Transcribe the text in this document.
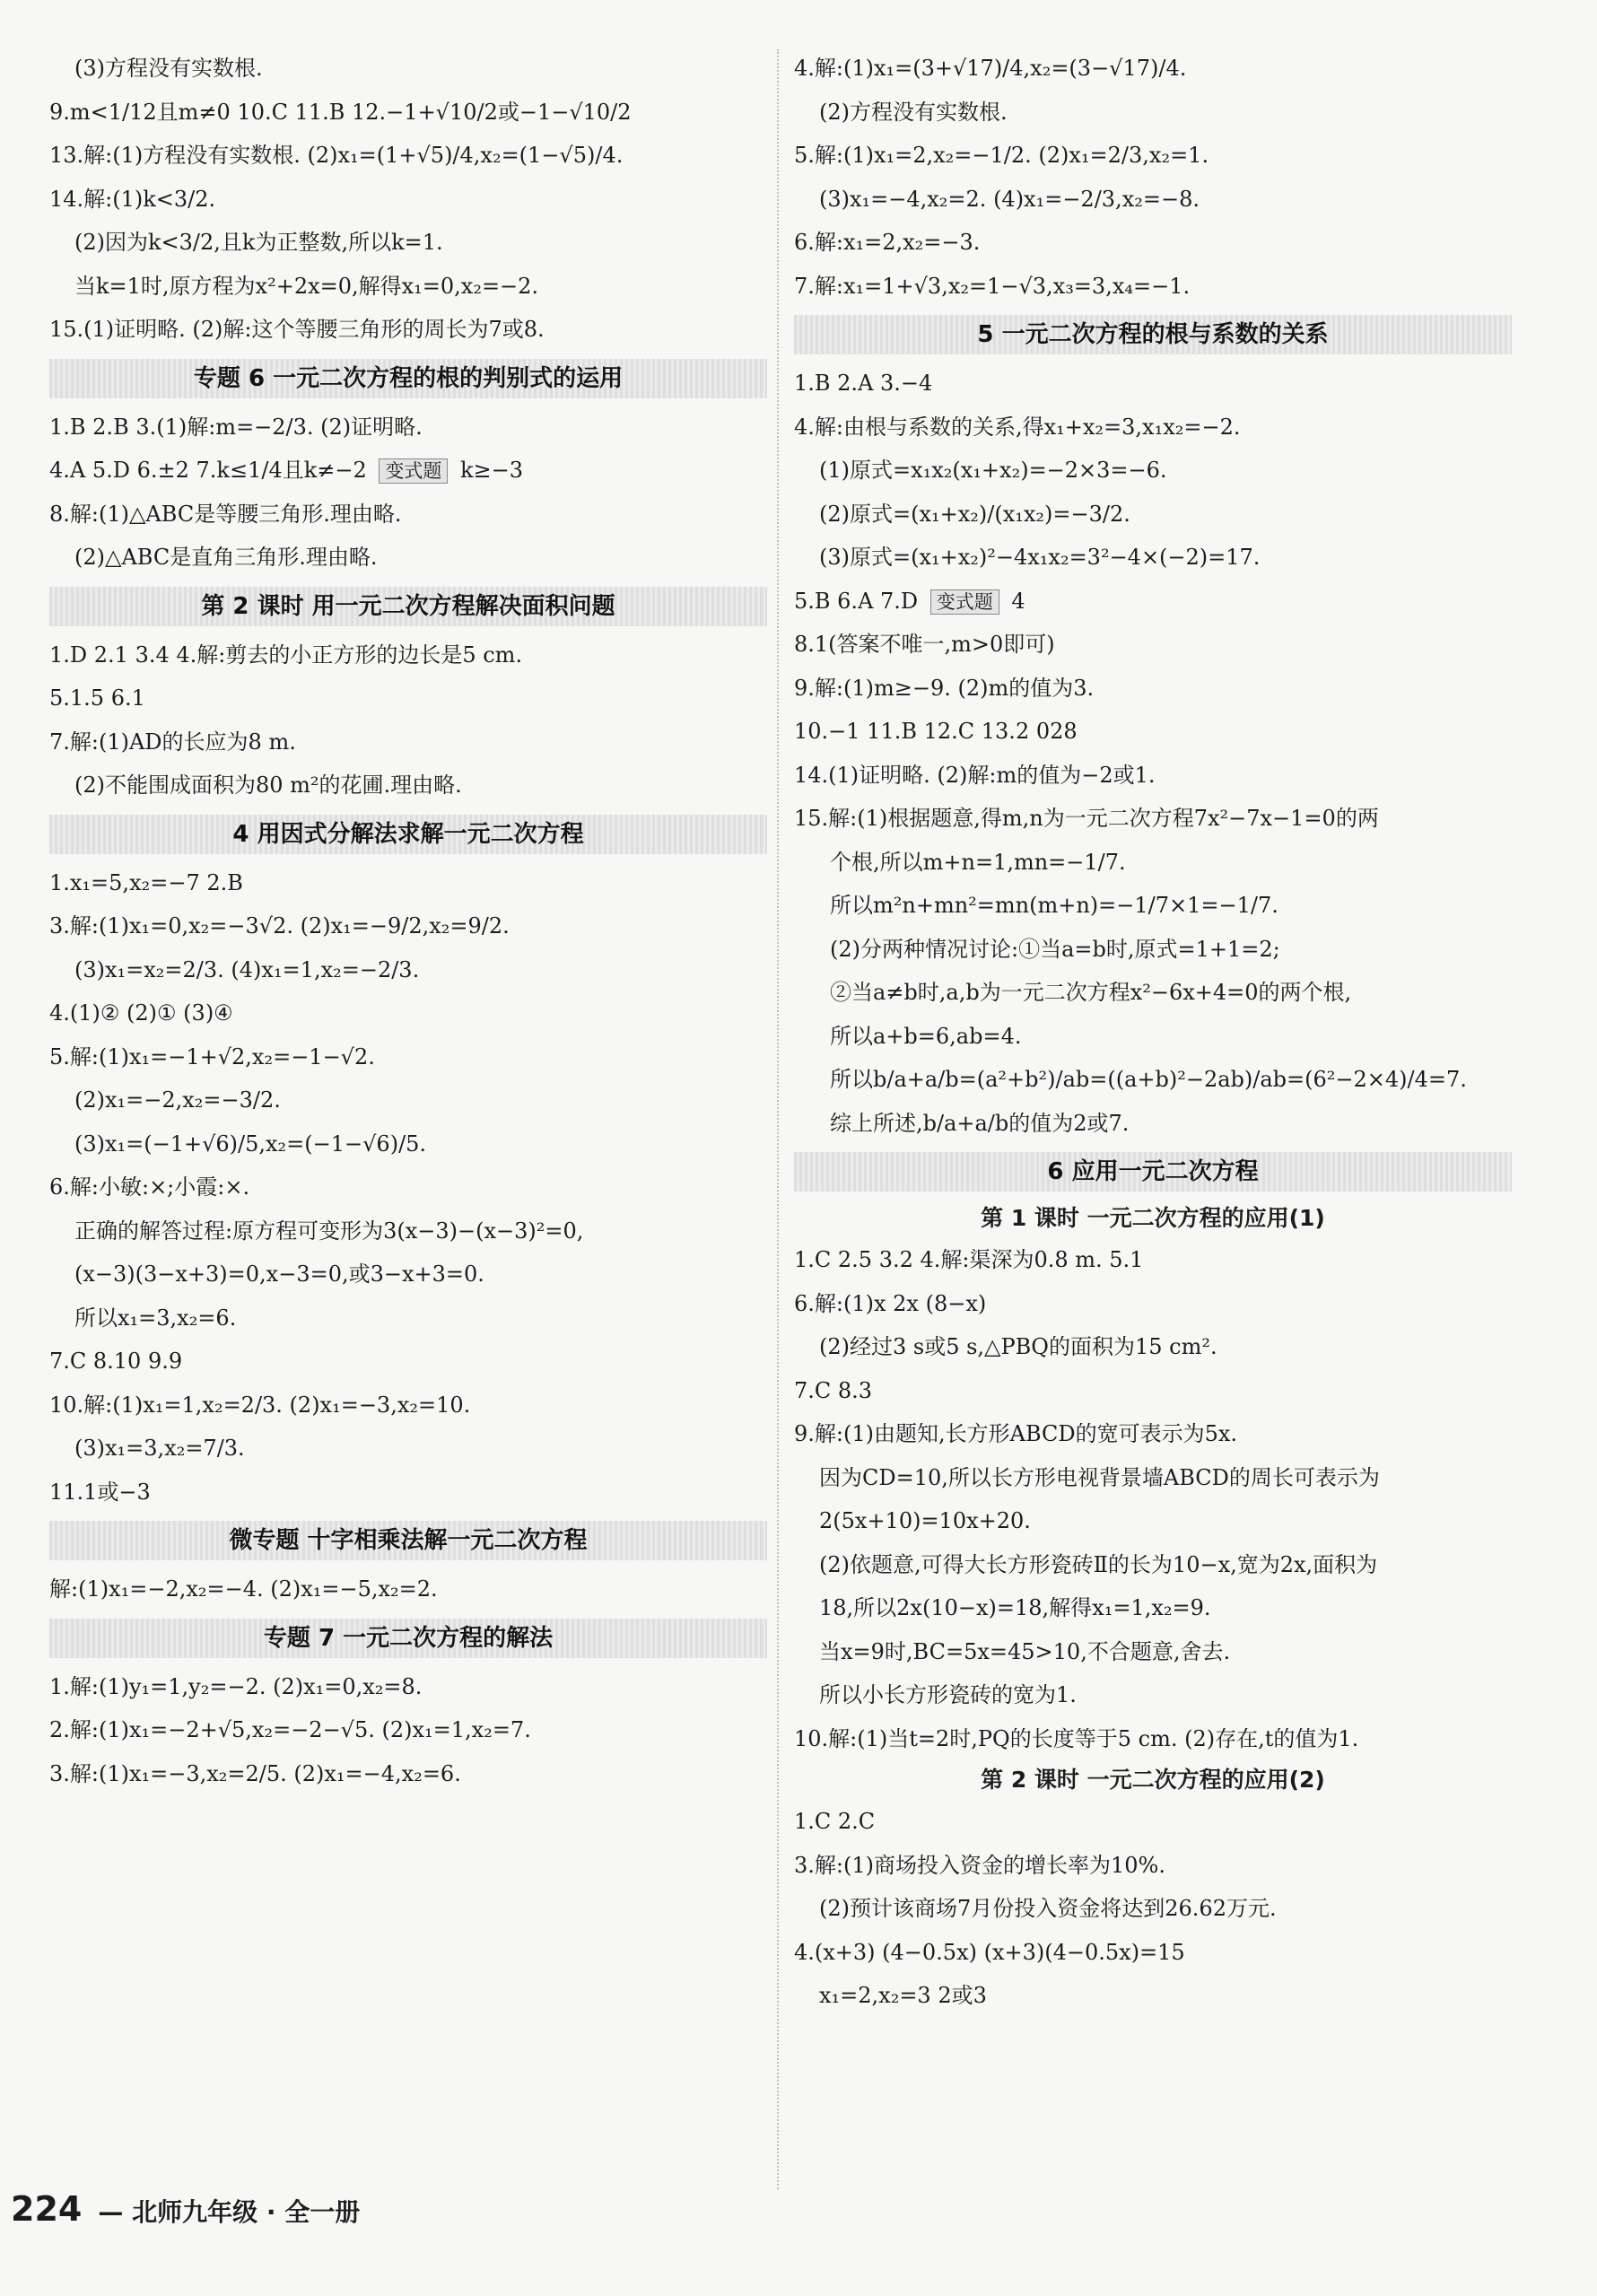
(3)方程没有实数根.
9.m<1/12且m≠0 10.C 11.B 12.−1+√10/2或−1−√10/2
13.解:(1)方程没有实数根. (2)x₁=(1+√5)/4,x₂=(1−√5)/4.
14.解:(1)k<3/2.
(2)因为k<3/2,且k为正整数,所以k=1.
当k=1时,原方程为x²+2x=0,解得x₁=0,x₂=−2.
15.(1)证明略. (2)解:这个等腰三角形的周长为7或8.
专题 6 一元二次方程的根的判别式的运用
1.B 2.B 3.(1)解:m=−2/3. (2)证明略.
4.A 5.D 6.±2 7.k≤1/4且k≠−2 变式题 k≥−3
8.解:(1)△ABC是等腰三角形.理由略.
(2)△ABC是直角三角形.理由略.
第 2 课时 用一元二次方程解决面积问题
1.D 2.1 3.4 4.解:剪去的小正方形的边长是5 cm.
5.1.5 6.1
7.解:(1)AD的长应为8 m.
(2)不能围成面积为80 m²的花圃.理由略.
4 用因式分解法求解一元二次方程
1.x₁=5,x₂=−7 2.B
3.解:(1)x₁=0,x₂=−3√2. (2)x₁=−9/2,x₂=9/2.
(3)x₁=x₂=2/3. (4)x₁=1,x₂=−2/3.
4.(1)② (2)① (3)④
5.解:(1)x₁=−1+√2,x₂=−1−√2.
(2)x₁=−2,x₂=−3/2.
(3)x₁=(−1+√6)/5,x₂=(−1−√6)/5.
6.解:小敏:×;小霞:×.
正确的解答过程:原方程可变形为3(x−3)−(x−3)²=0,
(x−3)(3−x+3)=0,x−3=0,或3−x+3=0.
所以x₁=3,x₂=6.
7.C 8.10 9.9
10.解:(1)x₁=1,x₂=2/3. (2)x₁=−3,x₂=10.
(3)x₁=3,x₂=7/3.
11.1或−3
微专题 十字相乘法解一元二次方程
解:(1)x₁=−2,x₂=−4. (2)x₁=−5,x₂=2.
专题 7 一元二次方程的解法
1.解:(1)y₁=1,y₂=−2. (2)x₁=0,x₂=8.
2.解:(1)x₁=−2+√5,x₂=−2−√5. (2)x₁=1,x₂=7.
3.解:(1)x₁=−3,x₂=2/5. (2)x₁=−4,x₂=6.
4.解:(1)x₁=(3+√17)/4,x₂=(3−√17)/4.
(2)方程没有实数根.
5.解:(1)x₁=2,x₂=−1/2. (2)x₁=2/3,x₂=1.
(3)x₁=−4,x₂=2. (4)x₁=−2/3,x₂=−8.
6.解:x₁=2,x₂=−3.
7.解:x₁=1+√3,x₂=1−√3,x₃=3,x₄=−1.
5 一元二次方程的根与系数的关系
1.B 2.A 3.−4
4.解:由根与系数的关系,得x₁+x₂=3,x₁x₂=−2.
(1)原式=x₁x₂(x₁+x₂)=−2×3=−6.
(2)原式=(x₁+x₂)/(x₁x₂)=−3/2.
(3)原式=(x₁+x₂)²−4x₁x₂=3²−4×(−2)=17.
5.B 6.A 7.D 变式题 4
8.1(答案不唯一,m>0即可)
9.解:(1)m≥−9. (2)m的值为3.
10.−1 11.B 12.C 13.2 028
14.(1)证明略. (2)解:m的值为−2或1.
15.解:(1)根据题意,得m,n为一元二次方程7x²−7x−1=0的两
个根,所以m+n=1,mn=−1/7.
所以m²n+mn²=mn(m+n)=−1/7×1=−1/7.
(2)分两种情况讨论:①当a=b时,原式=1+1=2;
②当a≠b时,a,b为一元二次方程x²−6x+4=0的两个根,
所以a+b=6,ab=4.
所以b/a+a/b=(a²+b²)/ab=((a+b)²−2ab)/ab=(6²−2×4)/4=7.
综上所述,b/a+a/b的值为2或7.
6 应用一元二次方程
第 1 课时 一元二次方程的应用(1)
1.C 2.5 3.2 4.解:渠深为0.8 m. 5.1
6.解:(1)x 2x (8−x)
(2)经过3 s或5 s,△PBQ的面积为15 cm².
7.C 8.3
9.解:(1)由题知,长方形ABCD的宽可表示为5x.
因为CD=10,所以长方形电视背景墙ABCD的周长可表示为
2(5x+10)=10x+20.
(2)依题意,可得大长方形瓷砖Ⅱ的长为10−x,宽为2x,面积为
18,所以2x(10−x)=18,解得x₁=1,x₂=9.
当x=9时,BC=5x=45>10,不合题意,舍去.
所以小长方形瓷砖的宽为1.
10.解:(1)当t=2时,PQ的长度等于5 cm. (2)存在,t的值为1.
第 2 课时 一元二次方程的应用(2)
1.C 2.C
3.解:(1)商场投入资金的增长率为10%.
(2)预计该商场7月份投入资金将达到26.62万元.
4.(x+3) (4−0.5x) (x+3)(4−0.5x)=15
x₁=2,x₂=3 2或3
224 — 北师九年级 · 全一册
